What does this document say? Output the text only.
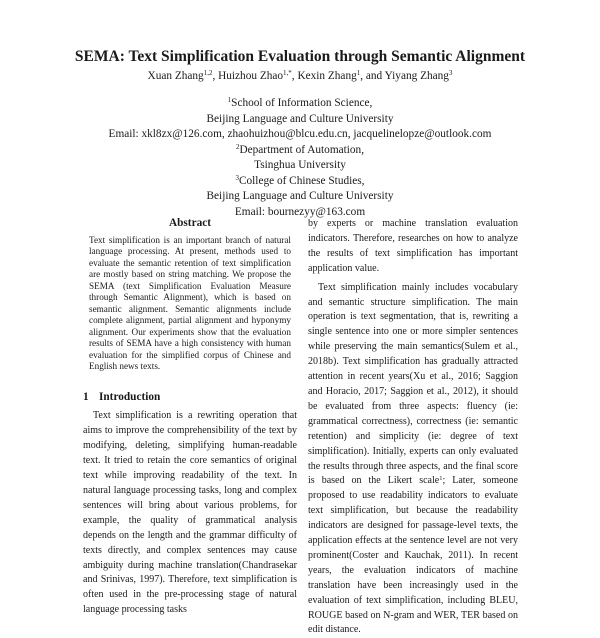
SEMA: Text Simplification Evaluation through Semantic Alignment
Xuan Zhang$^{1,2}$, Huizhou Zhao$^{1,*}$, Kexin Zhang$^1$, and Yiyang Zhang$^3$
$^1$School of Information Science,
Beijing Language and Culture University
Email: xkl8zx@126.com, zhaohuizhou@blcu.edu.cn, jacquelinelopze@outlook.com
$^2$Department of Automation,
Tsinghua University
$^3$College of Chinese Studies,
Beijing Language and Culture University
Email: bournezyy@163.com
Abstract
Text simplification is an important branch of natural language processing. At present, methods used to evaluate the semantic retention of text simplification are mostly based on string matching. We propose the SEMA (text Simplification Evaluation Measure through Semantic Alignment), which is based on semantic alignment. Semantic alignments include complete alignment, partial alignment and hyponymy alignment. Our experiments show that the evaluation results of SEMA have a high consistency with human evaluation for the simplified corpus of Chinese and English news texts.
1 Introduction

Text simplification is a rewriting operation that aims to improve the comprehensibility of the text by modifying, deleting, simplifying human-readable text. It tried to retain the core semantics of original text while improving readability of the text. In natural language processing tasks, long and complex sentences will bring about various problems, for example, the quality of grammatical analysis depends on the length and the grammar difficulty of texts directly, and complex sentences may cause ambiguity during machine translation(Chandrasekar and Srinivas, 1997). Therefore, text simplification is often used in the pre-processing stage of natural language processing tasks

by experts or machine translation evaluation indicators. Therefore, researches on how to analyze the results of text simplification has important application value.

Text simplification mainly includes vocabulary and semantic structure simplification. The main operation is text segmentation, that is, rewriting a single sentence into one or more simpler sentences while preserving the main semantics(Sulem et al., 2018b). Text simplification has gradually attracted attention in recent years(Xu et al., 2016; Saggion and Horacio, 2017; Saggion et al., 2012), it should be evaluated from three aspects: fluency (ie: grammatical correctness), correctness (ie: semantic retention) and simplicity (ie: degree of text simplification). Initially, experts can only evaluated the results through three aspects, and the final score is based on the Likert scale$^1$; Later, someone proposed to use readability indicators to evaluate text simplification, but because the readability indicators are designed for passage-level texts, the application effects at the sentence level are not very prominent(Coster and Kauchak, 2011). In recent years, the evaluation indicators of machine translation have been increasingly used in the evaluation of text simplification, including BLEU, ROUGE based on N-gram and WER, TER based on edit distance.
